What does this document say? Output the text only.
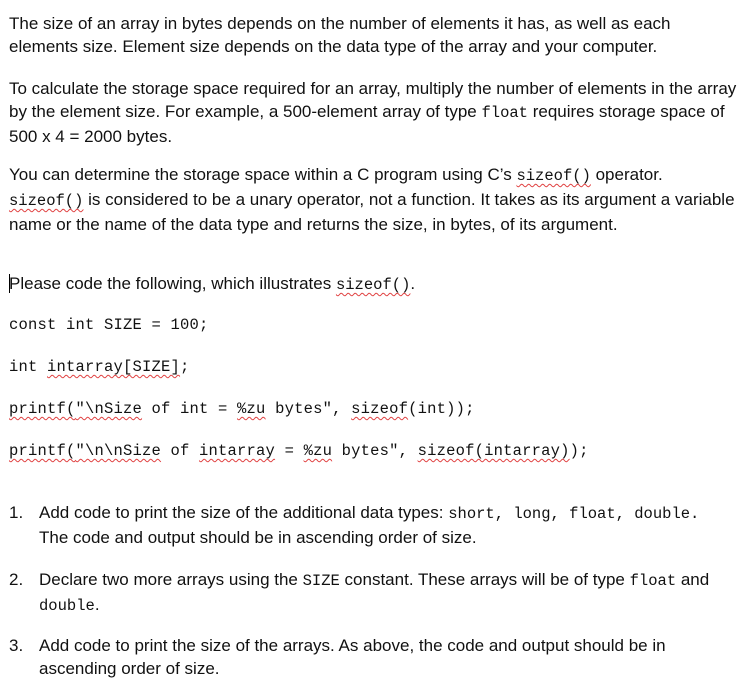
The size of an array in bytes depends on the number of elements it has, as well as each elements size. Element size depends on the data type of the array and your computer.

To calculate the storage space required for an array, multiply the number of elements in the array by the element size. For example, a 500-element array of type float requires storage space of 500 x 4 = 2000 bytes.

You can determine the storage space within a C program using C’s sizeof() operator. sizeof() is considered to be a unary operator, not a function. It takes as its argument a variable name or the name of the data type and returns the size, in bytes, of its argument.

Please code the following, which illustrates sizeof().

const int SIZE = 100;
int intarray[SIZE];
printf("\nSize of int = %zu bytes", sizeof(int));
printf("\n\nSize of intarray = %zu bytes", sizeof(intarray));
1. Add code to print the size of the additional data types: short, long, float, double. The code and output should be in ascending order of size.
2. Declare two more arrays using the SIZE constant. These arrays will be of type float and double.
3. Add code to print the size of the arrays. As above, the code and output should be in ascending order of size.
